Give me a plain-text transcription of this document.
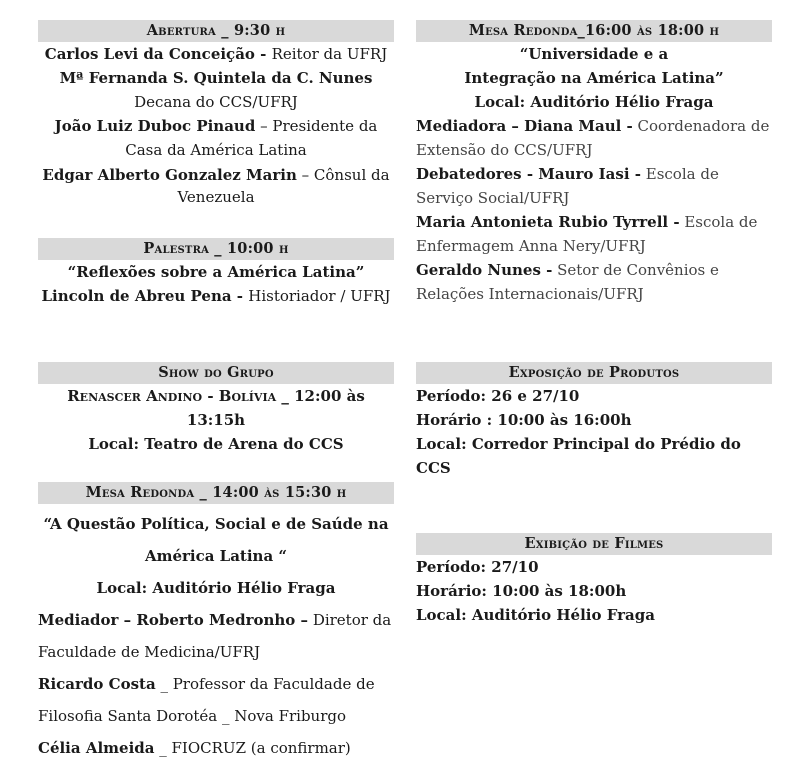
Abertura _ 9:30 h

Carlos Levi da Conceição - Reitor da UFRJ

Mª Fernanda S. Quintela da C. Nunes
Decana do CCS/UFRJ

João Luiz Duboc Pinaud – Presidente da Casa da América Latina

Edgar Alberto Gonzalez Marin – Cônsul da Venezuela

Palestra _ 10:00 h

“Reflexões sobre a América Latina”

Lincoln de Abreu Pena - Historiador / UFRJ

Show do Grupo

Renascer Andino - Bolívia _ 12:00 às 13:15h

Local: Teatro de Arena do CCS

Mesa Redonda _ 14:00 às 15:30 h

“A Questão Política, Social e de Saúde na

América Latina “

Local: Auditório Hélio Fraga

Mediador – Roberto Medronho – Diretor da Faculdade de Medicina/UFRJ

Ricardo Costa _ Professor da Faculdade de Filosofia Santa Dorotéa _ Nova Friburgo

Célia Almeida _ FIOCRUZ (a confirmar)

Mesa Redonda_16:00 às 18:00 h

“Universidade e a

Integração na América Latina”

Local: Auditório Hélio Fraga

Mediadora – Diana Maul - Coordenadora de Extensão do CCS/UFRJ

Debatedores - Mauro Iasi - Escola de Serviço Social/UFRJ

Maria Antonieta Rubio Tyrrell - Escola de Enfermagem Anna Nery/UFRJ

Geraldo Nunes - Setor de Convênios e Relações Internacionais/UFRJ

Exposição de Produtos

Período: 26 e 27/10

Horário : 10:00 às 16:00h

Local: Corredor Principal do Prédio do CCS

Exibição de Filmes

Período: 27/10

Horário: 10:00 às 18:00h

Local: Auditório Hélio Fraga
